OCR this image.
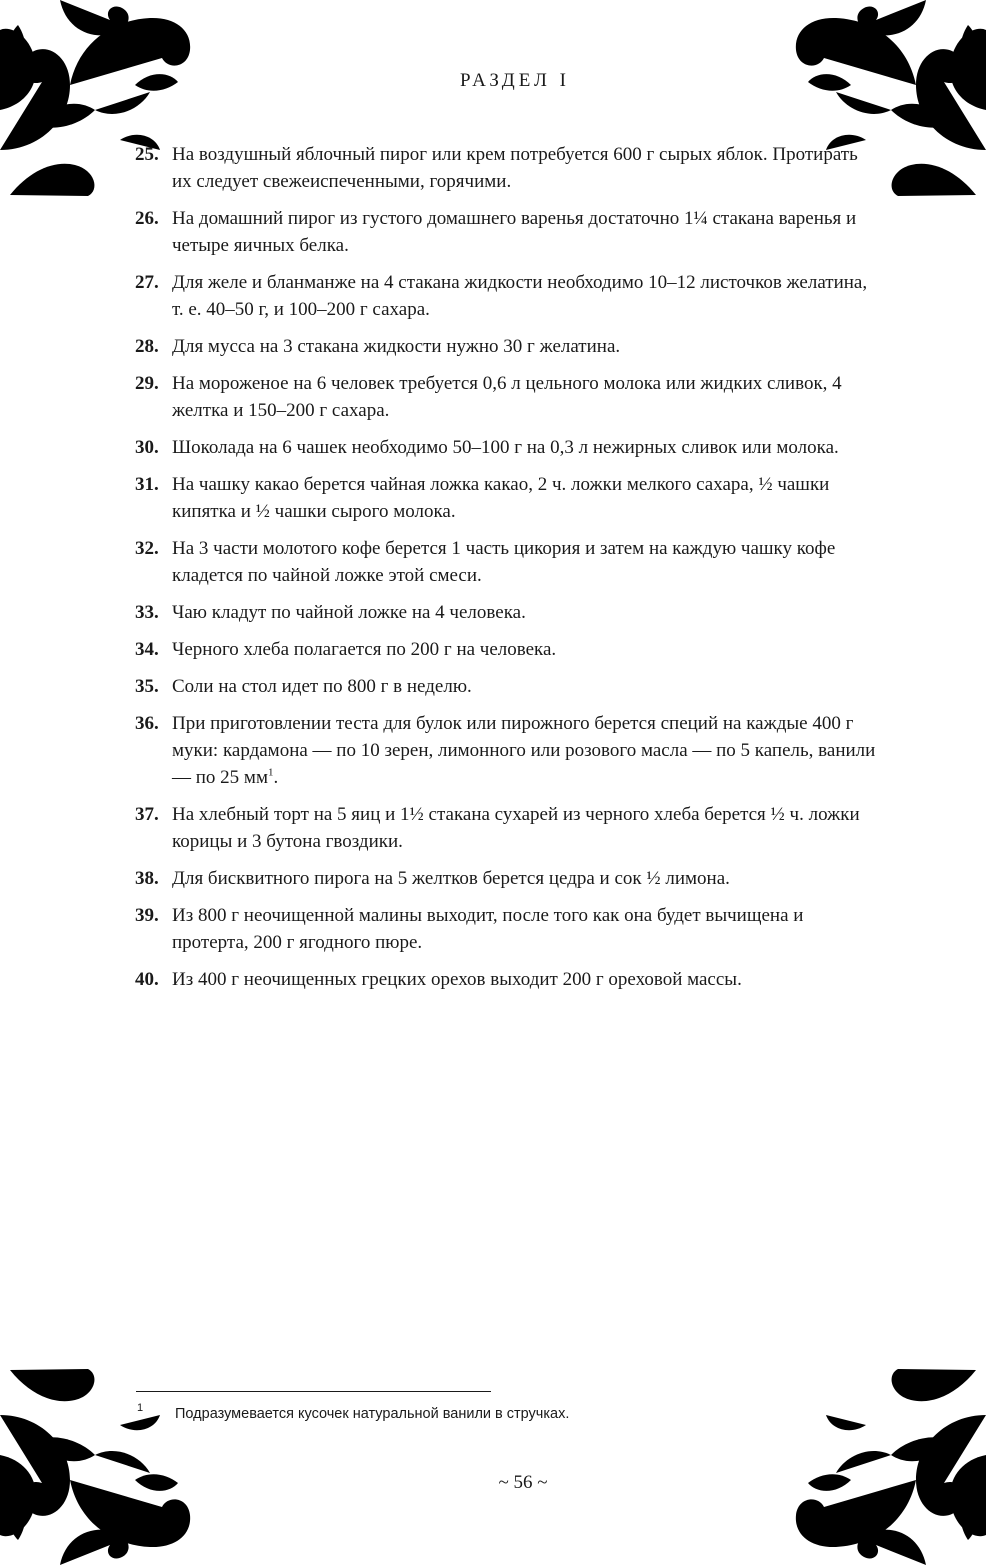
РАЗДЕЛ I
25. На воздушный яблочный пирог или крем потребуется 600 г сырых яблок. Протирать их следует свежеиспеченными, горячими.
26. На домашний пирог из густого домашнего варенья достаточно 1¼ стакана варенья и четыре яичных белка.
27. Для желе и бланманже на 4 стакана жидкости необходимо 10–12 листочков желатина, т. е. 40–50 г, и 100–200 г сахара.
28. Для мусса на 3 стакана жидкости нужно 30 г желатина.
29. На мороженое на 6 человек требуется 0,6 л цельного молока или жидких сливок, 4 желтка и 150–200 г сахара.
30. Шоколада на 6 чашек необходимо 50–100 г на 0,3 л нежирных сливок или молока.
31. На чашку какао берется чайная ложка какао, 2 ч. ложки мелкого сахара, ½ чашки кипятка и ½ чашки сырого молока.
32. На 3 части молотого кофе берется 1 часть цикория и затем на каждую чашку кофе кладется по чайной ложке этой смеси.
33. Чаю кладут по чайной ложке на 4 человека.
34. Черного хлеба полагается по 200 г на человека.
35. Соли на стол идет по 800 г в неделю.
36. При приготовлении теста для булок или пирожного берется специй на каждые 400 г муки: кардамона — по 10 зерен, лимонного или розового масла — по 5 капель, ванили — по 25 $мм^1$.
37. На хлебный торт на 5 яиц и 1½ стакана сухарей из черного хлеба берется ½ ч. ложки корицы и 3 бутона гвоздики.
38. Для бисквитного пирога на 5 желтков берется цедра и сок ½ лимона.
39. Из 800 г неочищенной малины выходит, после того как она будет вычищена и протерта, 200 г ягодного пюре.
40. Из 400 г неочищенных грецких орехов выходит 200 г ореховой массы.
1 Подразумевается кусочек натуральной ванили в стручках.
~ 56 ~
